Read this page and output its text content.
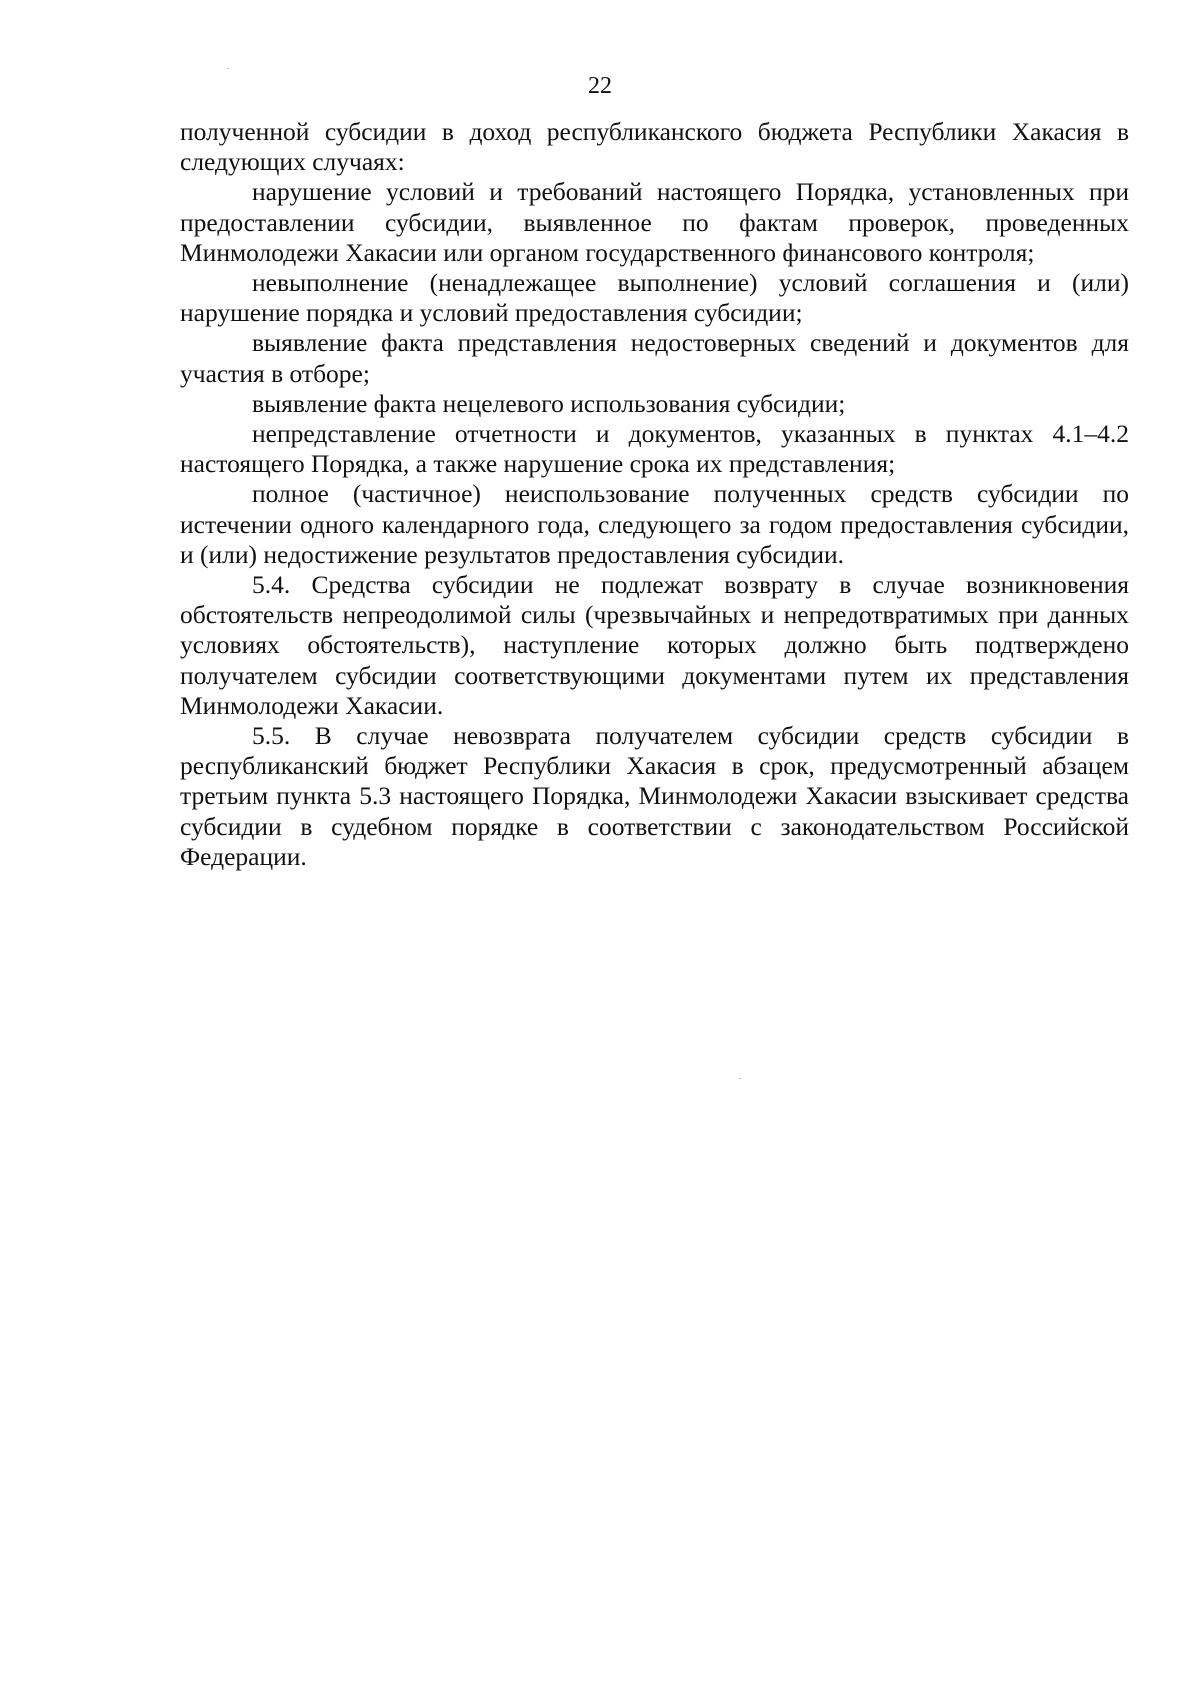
22

полученной субсидии в доход республиканского бюджета Республики Хакасия в следующих случаях:

нарушение условий и требований настоящего Порядка, установленных при предоставлении субсидии, выявленное по фактам проверок, проведенных Минмолодежи Хакасии или органом государственного финансового контроля;

невыполнение (ненадлежащее выполнение) условий соглашения и (или) нарушение порядка и условий предоставления субсидии;

выявление факта представления недостоверных сведений и документов для участия в отборе;

выявление факта нецелевого использования субсидии;

непредставление отчетности и документов, указанных в пунктах 4.1–4.2 настоящего Порядка, а также нарушение срока их представления;

полное (частичное) неиспользование полученных средств субсидии по истечении одного календарного года, следующего за годом предоставления субсидии, и (или) недостижение результатов предоставления субсидии.

5.4. Средства субсидии не подлежат возврату в случае возникновения обстоятельств непреодолимой силы (чрезвычайных и непредотвратимых при данных условиях обстоятельств), наступление которых должно быть подтверждено получателем субсидии соответствующими документами путем их представления Минмолодежи Хакасии.

5.5. В случае невозврата получателем субсидии средств субсидии в республиканский бюджет Республики Хакасия в срок, предусмотренный абзацем третьим пункта 5.3 настоящего Порядка, Минмолодежи Хакасии взыскивает средства субсидии в судебном порядке в соответствии с законодательством Российской Федерации.
